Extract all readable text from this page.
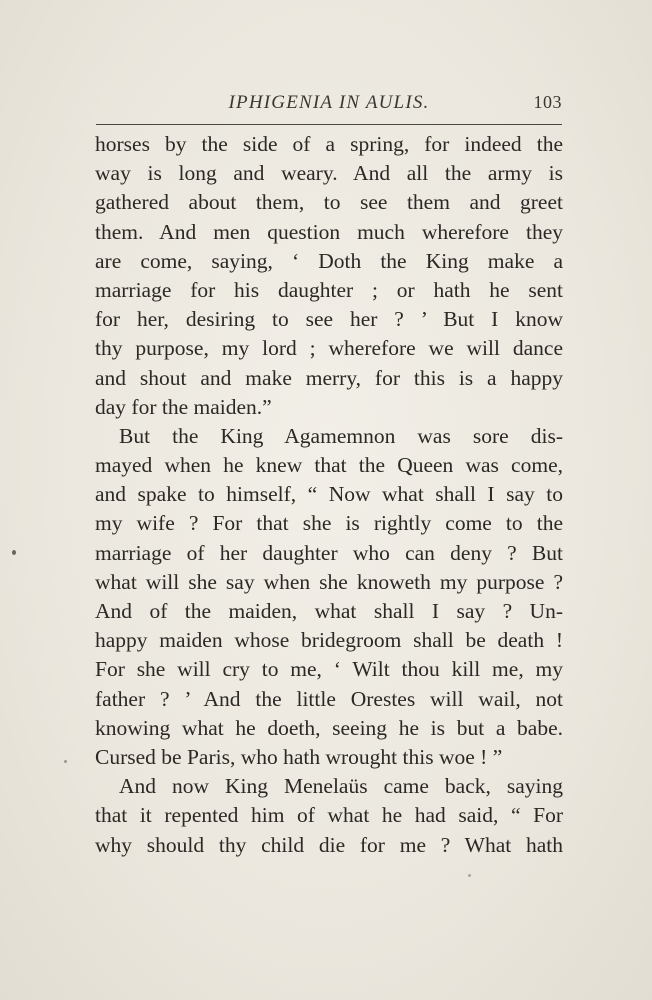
IPHIGENIA IN AULIS.	103
horses by the side of a spring, for indeed the
way is long and weary. And all the army is
gathered about them, to see them and greet
them. And men question much wherefore they
are come, saying, ‘ Doth the King make a
marriage for his daughter ; or hath he sent
for her, desiring to see her ? ’ But I know
thy purpose, my lord ; wherefore we will dance
and shout and make merry, for this is a happy
day for the maiden.”
But the King Agamemnon was sore dis-
mayed when he knew that the Queen was come,
and spake to himself, “ Now what shall I say to
my wife ? For that she is rightly come to the
marriage of her daughter who can deny ? But
what will she say when she knoweth my purpose ?
And of the maiden, what shall I say ? Un-
happy maiden whose bridegroom shall be death !
For she will cry to me, ‘ Wilt thou kill me, my
father ? ’ And the little Orestes will wail, not
knowing what he doeth, seeing he is but a babe.
Cursed be Paris, who hath wrought this woe ! ”
And now King Menelaüs came back, saying
that it repented him of what he had said, “ For
why should thy child die for me ? What hath
